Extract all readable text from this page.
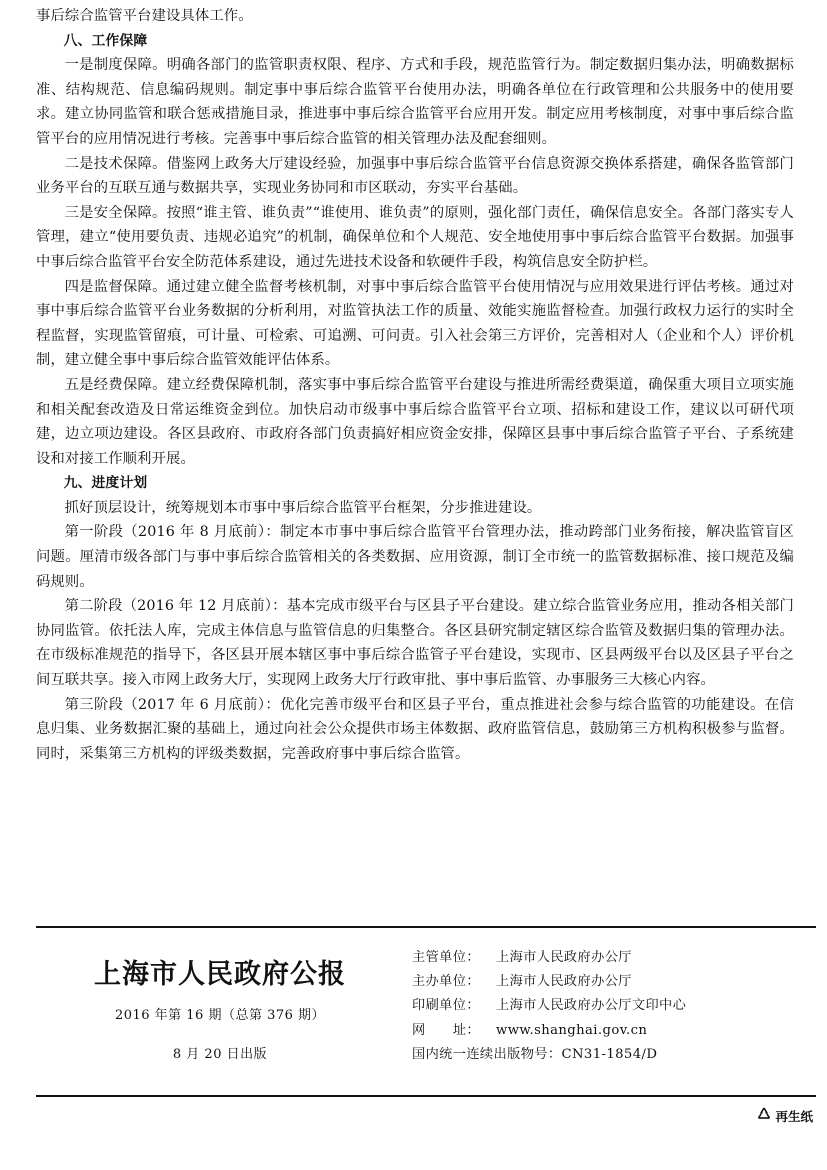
事后综合监管平台建设具体工作。

八、工作保障

一是制度保障。明确各部门的监管职责权限、程序、方式和手段，规范监管行为。制定数据归集办法，明确数据标准、结构规范、信息编码规则。制定事中事后综合监管平台使用办法，明确各单位在行政管理和公共服务中的使用要求。建立协同监管和联合惩戒措施目录，推进事中事后综合监管平台应用开发。制定应用考核制度，对事中事后综合监管平台的应用情况进行考核。完善事中事后综合监管的相关管理办法及配套细则。

二是技术保障。借鉴网上政务大厅建设经验，加强事中事后综合监管平台信息资源交换体系搭建，确保各监管部门业务平台的互联互通与数据共享，实现业务协同和市区联动，夯实平台基础。

三是安全保障。按照“谁主管、谁负责”“谁使用、谁负责”的原则，强化部门责任，确保信息安全。各部门落实专人管理，建立“使用要负责、违规必追究”的机制，确保单位和个人规范、安全地使用事中事后综合监管平台数据。加强事中事后综合监管平台安全防范体系建设，通过先进技术设备和软硬件手段，构筑信息安全防护栏。

四是监督保障。通过建立健全监督考核机制，对事中事后综合监管平台使用情况与应用效果进行评估考核。通过对事中事后综合监管平台业务数据的分析利用，对监管执法工作的质量、效能实施监督检查。加强行政权力运行的实时全程监督，实现监管留痕，可计量、可检索、可追溯、可问责。引入社会第三方评价，完善相对人（企业和个人）评价机制，建立健全事中事后综合监管效能评估体系。

五是经费保障。建立经费保障机制，落实事中事后综合监管平台建设与推进所需经费渠道，确保重大项目立项实施和相关配套改造及日常运维资金到位。加快启动市级事中事后综合监管平台立项、招标和建设工作，建议以可研代项建，边立项边建设。各区县政府、市政府各部门负责搞好相应资金安排，保障区县事中事后综合监管子平台、子系统建设和对接工作顺利开展。

九、进度计划

抓好顶层设计，统筹规划本市事中事后综合监管平台框架，分步推进建设。

第一阶段（2016 年 8 月底前）：制定本市事中事后综合监管平台管理办法，推动跨部门业务衔接，解决监管盲区问题。厘清市级各部门与事中事后综合监管相关的各类数据、应用资源，制订全市统一的监管数据标准、接口规范及编码规则。

第二阶段（2016 年 12 月底前）：基本完成市级平台与区县子平台建设。建立综合监管业务应用，推动各相关部门协同监管。依托法人库，完成主体信息与监管信息的归集整合。各区县研究制定辖区综合监管及数据归集的管理办法。在市级标准规范的指导下，各区县开展本辖区事中事后综合监管子平台建设，实现市、区县两级平台以及区县子平台之间互联共享。接入市网上政务大厅，实现网上政务大厅行政审批、事中事后监管、办事服务三大核心内容。

第三阶段（2017 年 6 月底前）：优化完善市级平台和区县子平台，重点推进社会参与综合监管的功能建设。在信息归集、业务数据汇聚的基础上，通过向社会公众提供市场主体数据、政府监管信息，鼓励第三方机构积极参与监督。同时，采集第三方机构的评级类数据，完善政府事中事后综合监管。

上海市人民政府公报
2016 年第 16 期（总第 376 期）
8 月 20 日出版
主管单位： 上海市人民政府办公厅
主办单位： 上海市人民政府办公厅
印刷单位： 上海市人民政府办公厅文印中心
网　　址： www.shanghai.gov.cn
国内统一连续出版物号：CN31-1854/D
再生纸
